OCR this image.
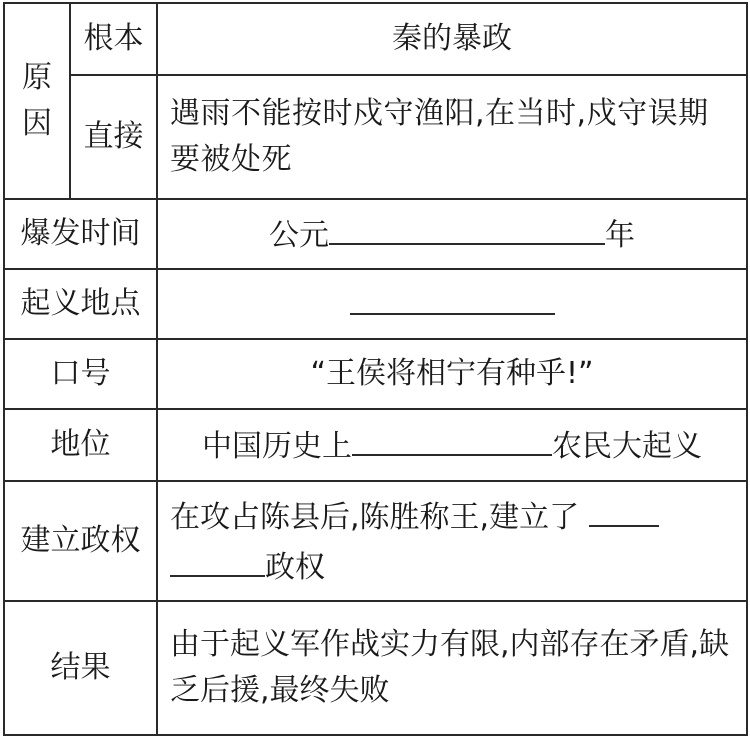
原
因	根本	秦的暴政
	直接	遇雨不能按时戍守渔阳,在当时,戍守误期要被处死
爆发时间		公元 年
起义地点		
口号		“王侯将相宁有种乎!”
地位		中国历史上 农民大起义
建立政权		在攻占陈县后,陈胜称王,建立了
政权
结果		由于起义军作战实力有限,内部存在矛盾,缺乏后援,最终失败
